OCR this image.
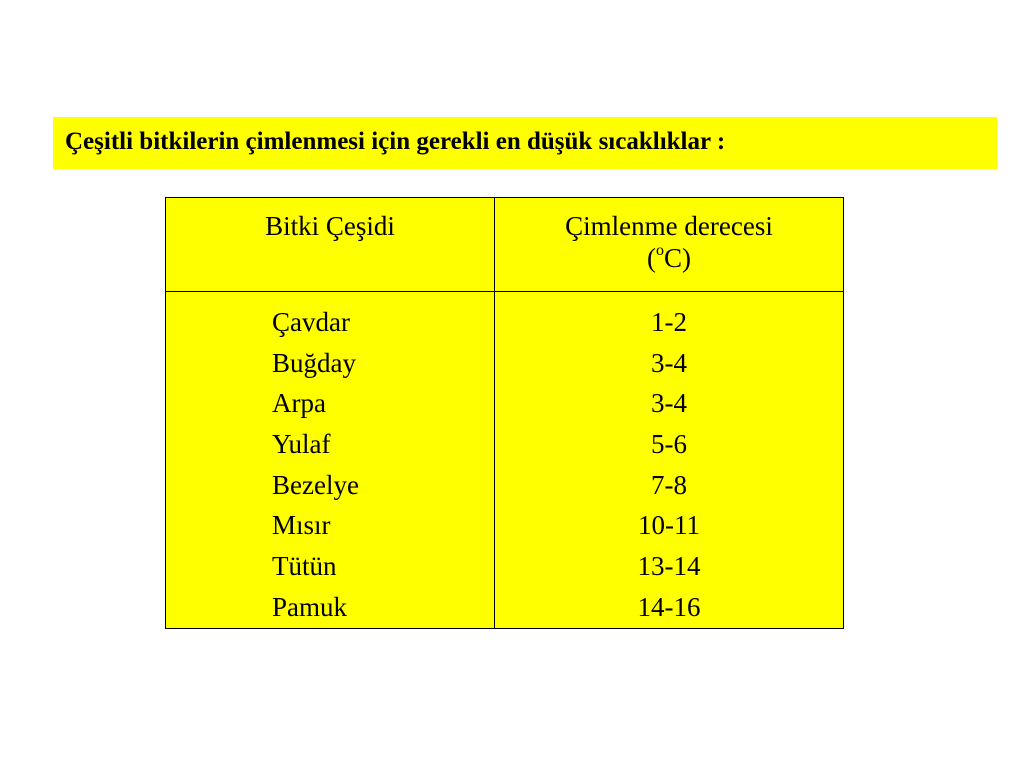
Çeşitli bitkilerin çimlenmesi için gerekli en düşük sıcaklıklar :
Bitki Çeşidi	Çimlenme derecesi
($^o$C)
Çavdar
Buğday
Arpa
Yulaf
Bezelye
Mısır
Tütün
Pamuk
1-2
3-4
3-4
5-6
7-8
10-11
13-14
14-16
